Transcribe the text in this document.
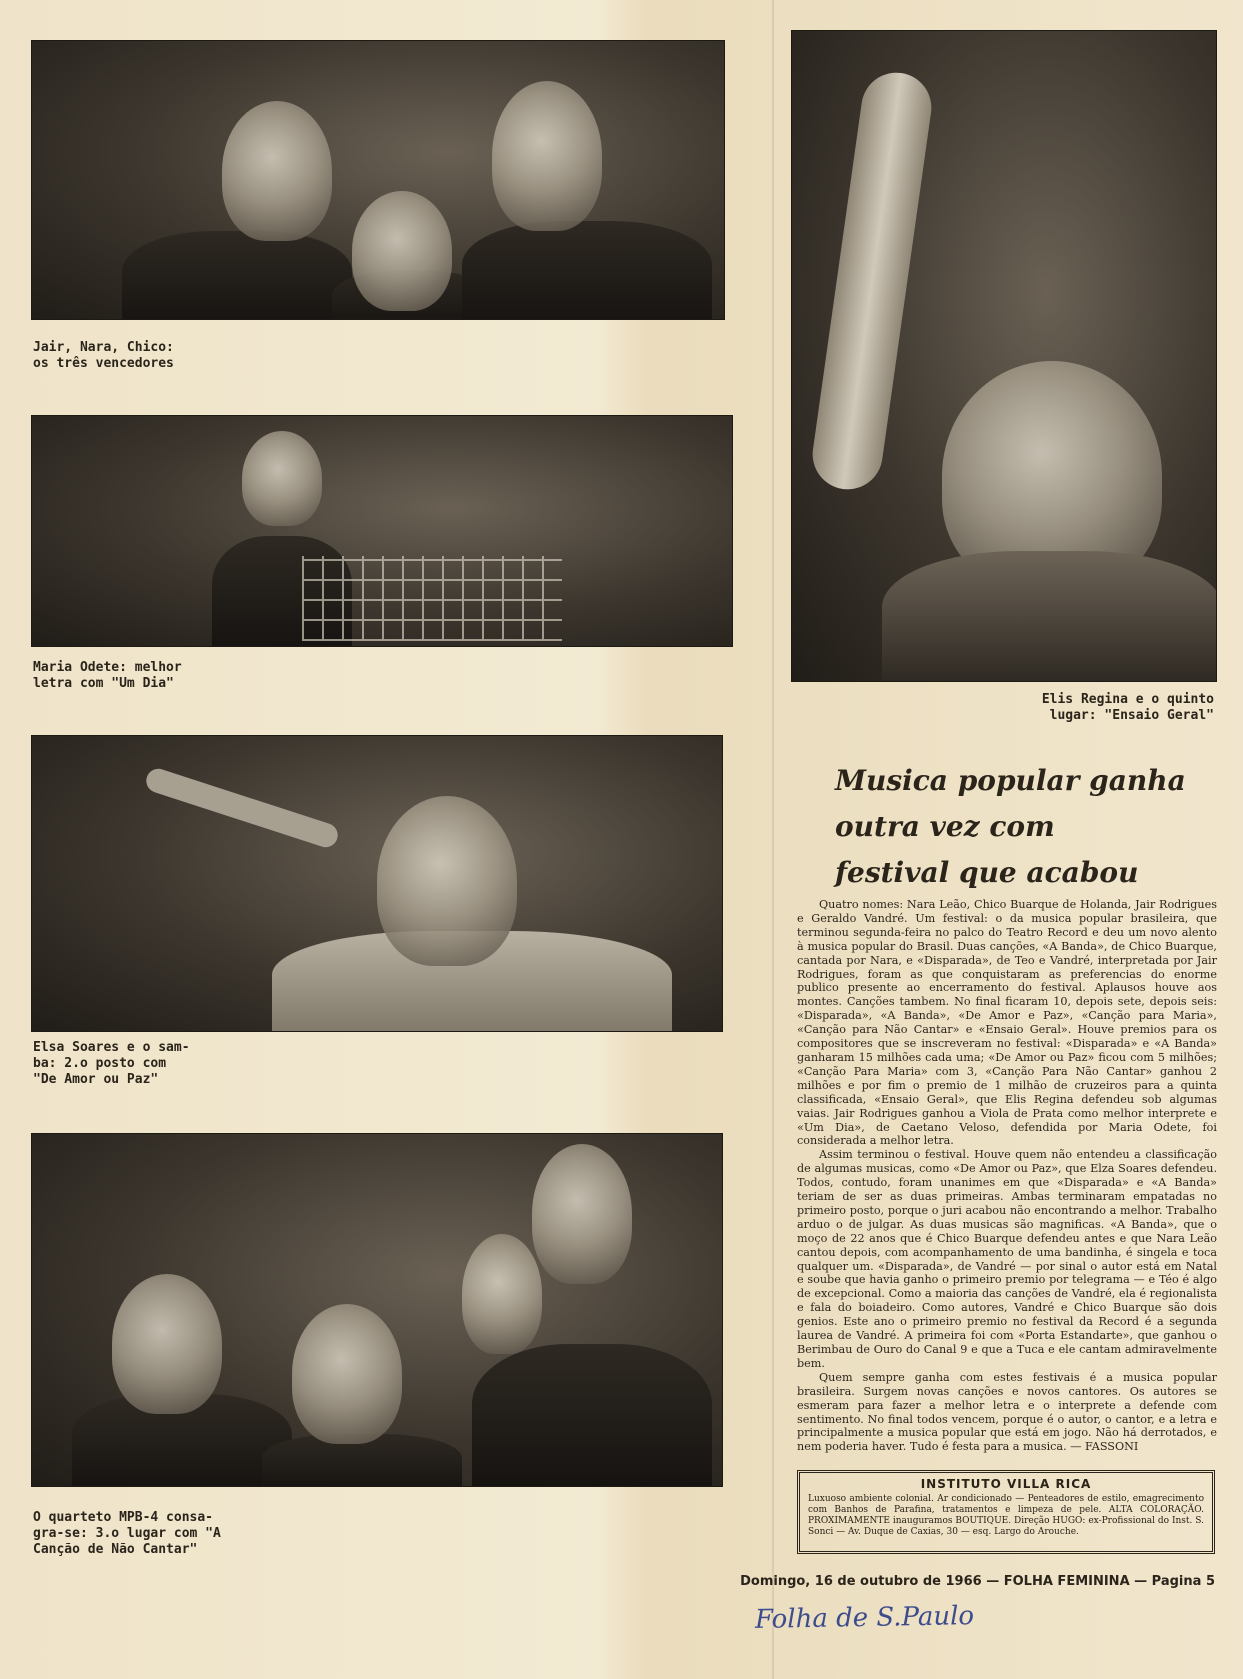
Jair, Nara, Chico:
os três vencedores
Maria Odete: melhor
letra com "Um Dia"
Elsa Soares e o sam-
ba: 2.o posto com
"De Amor ou Paz"
O quarteto MPB-4 consa-
gra-se: 3.o lugar com "A
Canção de Não Cantar"
Elis Regina e o quinto
lugar: "Ensaio Geral"
Musica popular ganha
outra vez com
festival que acabou

Quatro nomes: Nara Leão, Chico Buarque de Holanda, Jair Rodrigues e Geraldo Vandré. Um festival: o da musica popular brasileira, que terminou segunda-feira no palco do Teatro Record e deu um novo alento à musica popular do Brasil. Duas canções, «A Banda», de Chico Buarque, cantada por Nara, e «Disparada», de Teo e Vandré, interpretada por Jair Rodrigues, foram as que conquistaram as preferencias do enorme publico presente ao encerramento do festival. Aplausos houve aos montes. Canções tambem. No final ficaram 10, depois sete, depois seis: «Disparada», «A Banda», «De Amor e Paz», «Canção para Maria», «Canção para Não Cantar» e «Ensaio Geral». Houve premios para os compositores que se inscreveram no festival: «Disparada» e «A Banda» ganharam 15 milhões cada uma; «De Amor ou Paz» ficou com 5 milhões; «Canção Para Maria» com 3, «Canção Para Não Cantar» ganhou 2 milhões e por fim o premio de 1 milhão de cruzeiros para a quinta classificada, «Ensaio Geral», que Elis Regina defendeu sob algumas vaias. Jair Rodrigues ganhou a Viola de Prata como melhor interprete e «Um Dia», de Caetano Veloso, defendida por Maria Odete, foi considerada a melhor letra.

Assim terminou o festival. Houve quem não entendeu a classificação de algumas musicas, como «De Amor ou Paz», que Elza Soares defendeu. Todos, contudo, foram unanimes em que «Disparada» e «A Banda» teriam de ser as duas primeiras. Ambas terminaram empatadas no primeiro posto, porque o juri acabou não encontrando a melhor. Trabalho arduo o de julgar. As duas musicas são magnificas. «A Banda», que o moço de 22 anos que é Chico Buarque defendeu antes e que Nara Leão cantou depois, com acompanhamento de uma bandinha, é singela e toca qualquer um. «Disparada», de Vandré — por sinal o autor está em Natal e soube que havia ganho o primeiro premio por telegrama — e Téo é algo de excepcional. Como a maioria das canções de Vandré, ela é regionalista e fala do boiadeiro. Como autores, Vandré e Chico Buarque são dois genios. Este ano o primeiro premio no festival da Record é a segunda laurea de Vandré. A primeira foi com «Porta Estandarte», que ganhou o Berimbau de Ouro do Canal 9 e que a Tuca e ele cantam admiravelmente bem.

Quem sempre ganha com estes festivais é a musica popular brasileira. Surgem novas canções e novos cantores. Os autores se esmeram para fazer a melhor letra e o interprete a defende com sentimento. No final todos vencem, porque é o autor, o cantor, e a letra e principalmente a musica popular que está em jogo. Não há derrotados, e nem poderia haver. Tudo é festa para a musica. — FASSONI

INSTITUTO VILLA RICA
Luxuoso ambiente colonial. Ar condicionado — Penteadores de estilo, emagrecimento com Banhos de Parafina, tratamentos e limpeza de pele. ALTA COLORAÇÃO. PROXIMAMENTE inauguramos BOUTIQUE. Direção HUGO: ex-Profissional do Inst. S. Sonci — Av. Duque de Caxias, 30 — esq. Largo do Arouche.
Domingo, 16 de outubro de 1966 — FOLHA FEMININA — Pagina 5
Folha de S.Paulo
